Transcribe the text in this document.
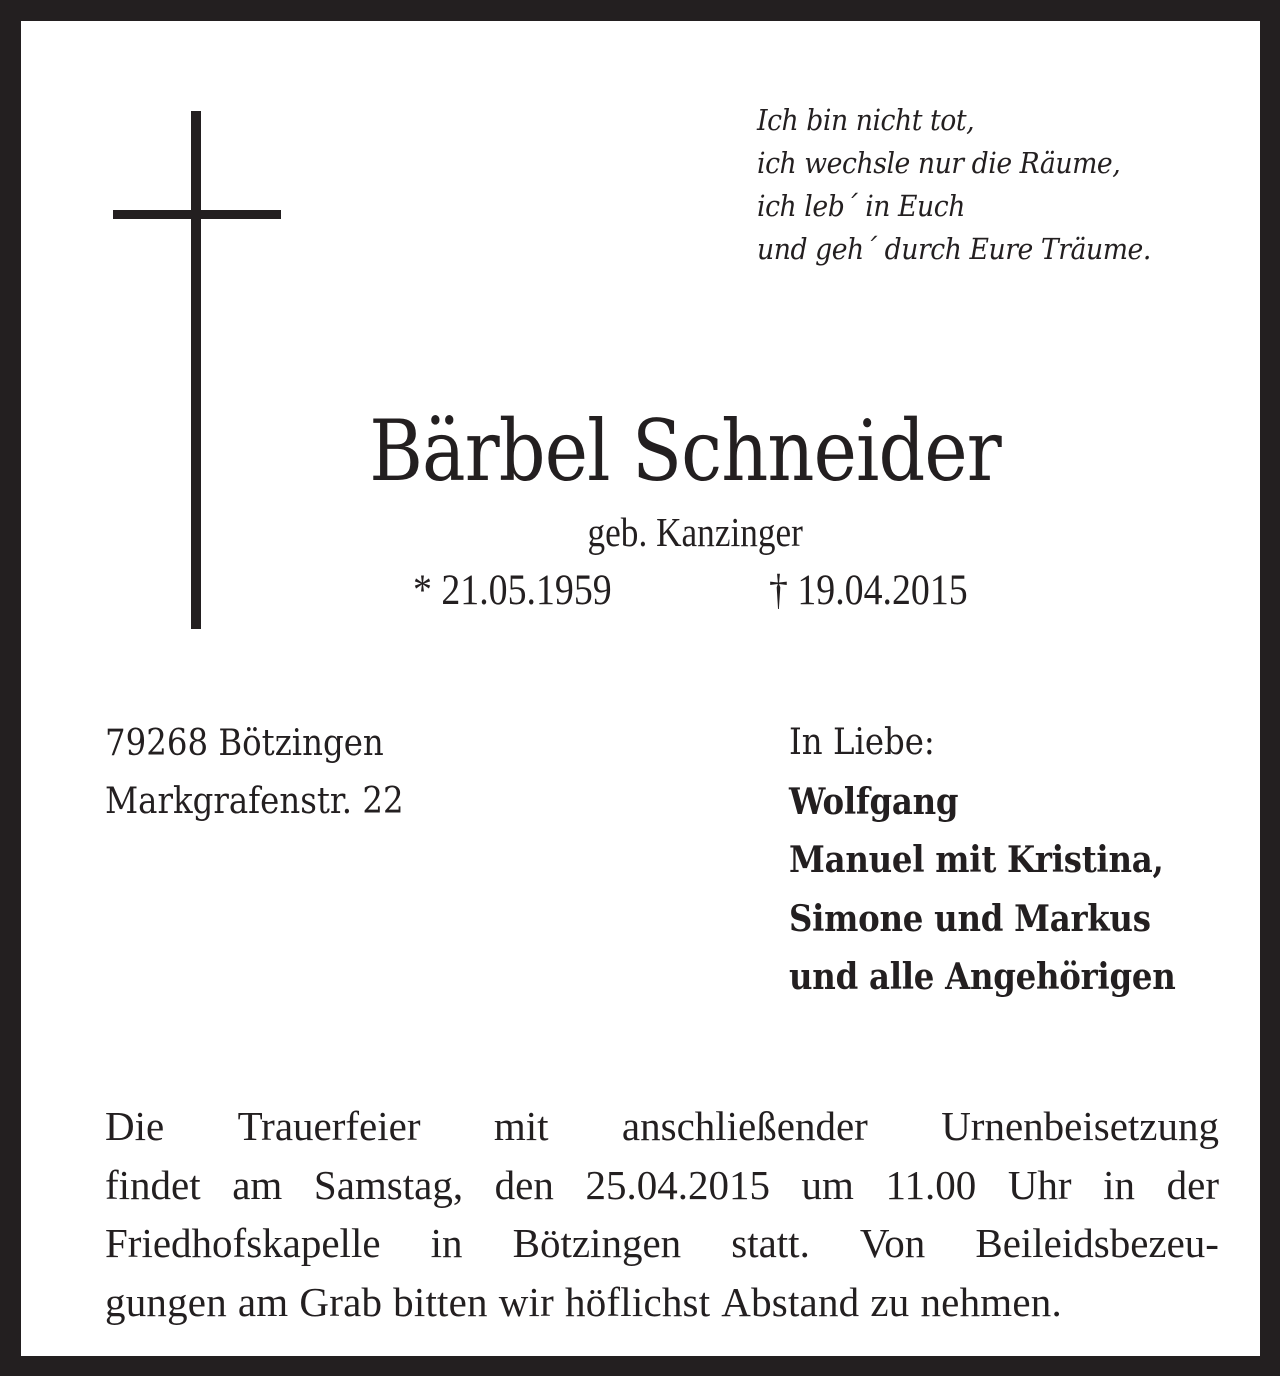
Ich bin nicht tot,
ich wechsle nur die Räume,
ich leb´ in Euch
und geh´ durch Eure Träume.
Bärbel Schneider
geb. Kanzinger
* 21.05.1959	† 19.04.2015
79268 Bötzingen
Markgrafenstr. 22
In Liebe:
Wolfgang
Manuel mit Kristina,
Simone und Markus
und alle Angehörigen
Die Trauerfeier mit anschließender Urnenbeisetzung
findet am Samstag, den 25.04.2015 um 11.00 Uhr in der
Friedhofskapelle in Bötzingen statt. Von Beileidsbezeu-
gungen am Grab bitten wir höflichst Abstand zu nehmen.
